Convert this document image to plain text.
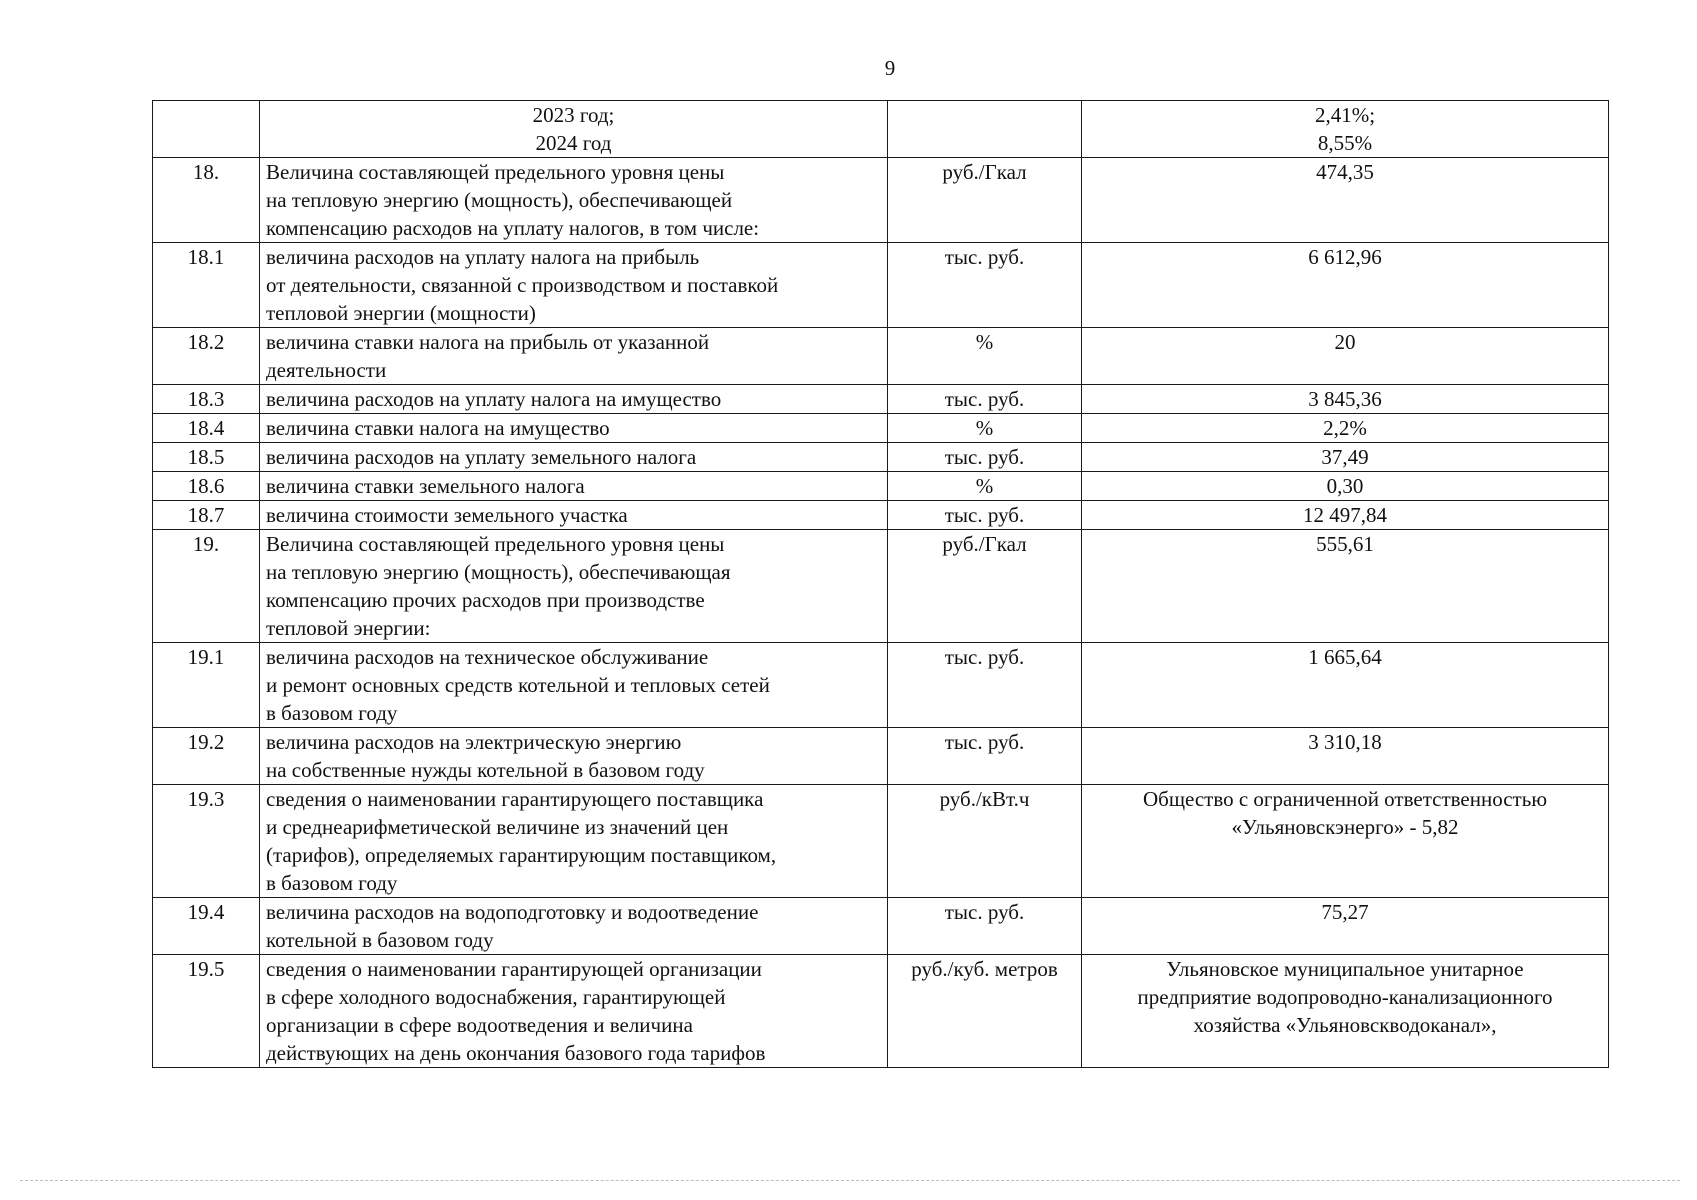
9
	2023 год;
2024 год		2,41%;
8,55%
18.	Величина составляющей предельного уровня цены
на тепловую энергию (мощность), обеспечивающей
компенсацию расходов на уплату налогов, в том числе:	руб./Гкал	474,35
18.1	величина расходов на уплату налога на прибыль
от деятельности, связанной с производством и поставкой
тепловой энергии (мощности)	тыс. руб.	6 612,96
18.2	величина ставки налога на прибыль от указанной
деятельности	%	20
18.3	величина расходов на уплату налога на имущество	тыс. руб.	3 845,36
18.4	величина ставки налога на имущество	%	2,2%
18.5	величина расходов на уплату земельного налога	тыс. руб.	37,49
18.6	величина ставки земельного налога	%	0,30
18.7	величина стоимости земельного участка	тыс. руб.	12 497,84
19.	Величина составляющей предельного уровня цены
на тепловую энергию (мощность), обеспечивающая
компенсацию прочих расходов при производстве
тепловой энергии:	руб./Гкал	555,61
19.1	величина расходов на техническое обслуживание
и ремонт основных средств котельной и тепловых сетей
в базовом году	тыс. руб.	1 665,64
19.2	величина расходов на электрическую энергию
на собственные нужды котельной в базовом году	тыс. руб.	3 310,18
19.3	сведения о наименовании гарантирующего поставщика
и среднеарифметической величине из значений цен
(тарифов), определяемых гарантирующим поставщиком,
в базовом году	руб./кВт.ч	Общество с ограниченной ответственностью
«Ульяновскэнерго» - 5,82
19.4	величина расходов на водоподготовку и водоотведение
котельной в базовом году	тыс. руб.	75,27
19.5	сведения о наименовании гарантирующей организации
в сфере холодного водоснабжения, гарантирующей
организации в сфере водоотведения и величина
действующих на день окончания базового года тарифов	руб./куб. метров	Ульяновское муниципальное унитарное
предприятие водопроводно-канализационного
хозяйства «Ульяновскводоканал»,
